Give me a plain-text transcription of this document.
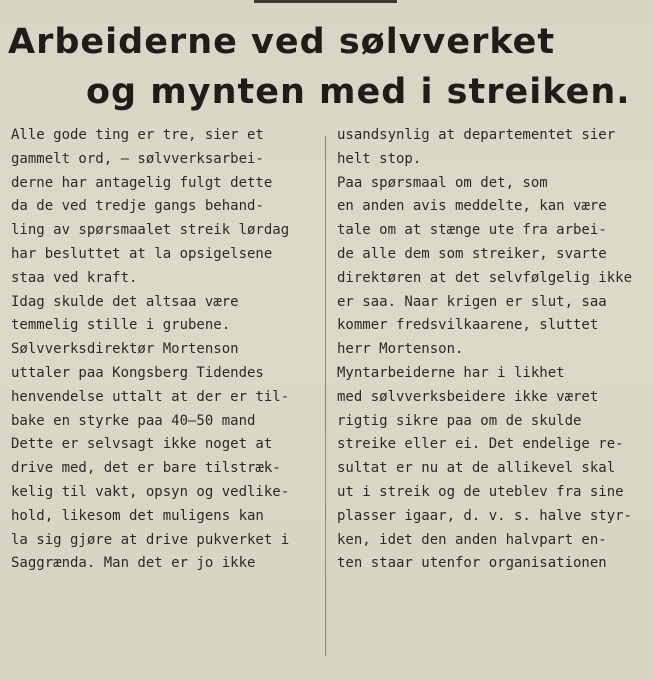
Arbeiderne ved sølvverket
og mynten med i streiken.
Alle gode ting er tre, sier et
gammelt ord, — sølvverksarbei-
derne har antagelig fulgt dette
da de ved tredje gangs behand-
ling av spørsmaalet streik lørdag
har besluttet at la opsigelsene
staa ved kraft.
Idag skulde det altsaa være
temmelig stille i grubene.
Sølvverksdirektør Mortenson
uttaler paa Kongsberg Tidendes
henvendelse uttalt at der er til-
bake en styrke paa 40—50 mand
Dette er selvsagt ikke noget at
drive med, det er bare tilstræk-
kelig til vakt, opsyn og vedlike-
hold, likesom det muligens kan
la sig gjøre at drive pukverket i
Saggrænda. Man det er jo ikke
usandsynlig at departementet sier
helt stop.
Paa spørsmaal om det, som
en anden avis meddelte, kan være
tale om at stænge ute fra arbei-
de alle dem som streiker, svarte
direktøren at det selvfølgelig ikke
er saa. Naar krigen er slut, saa
kommer fredsvilkaarene, sluttet
herr Mortenson.
Myntarbeiderne har i likhet
med sølvverksbeidere ikke været
rigtig sikre paa om de skulde
streike eller ei. Det endelige re-
sultat er nu at de allikevel skal
ut i streik og de uteblev fra sine
plasser igaar, d. v. s. halve styr-
ken, idet den anden halvpart en-
ten staar utenfor organisationen
